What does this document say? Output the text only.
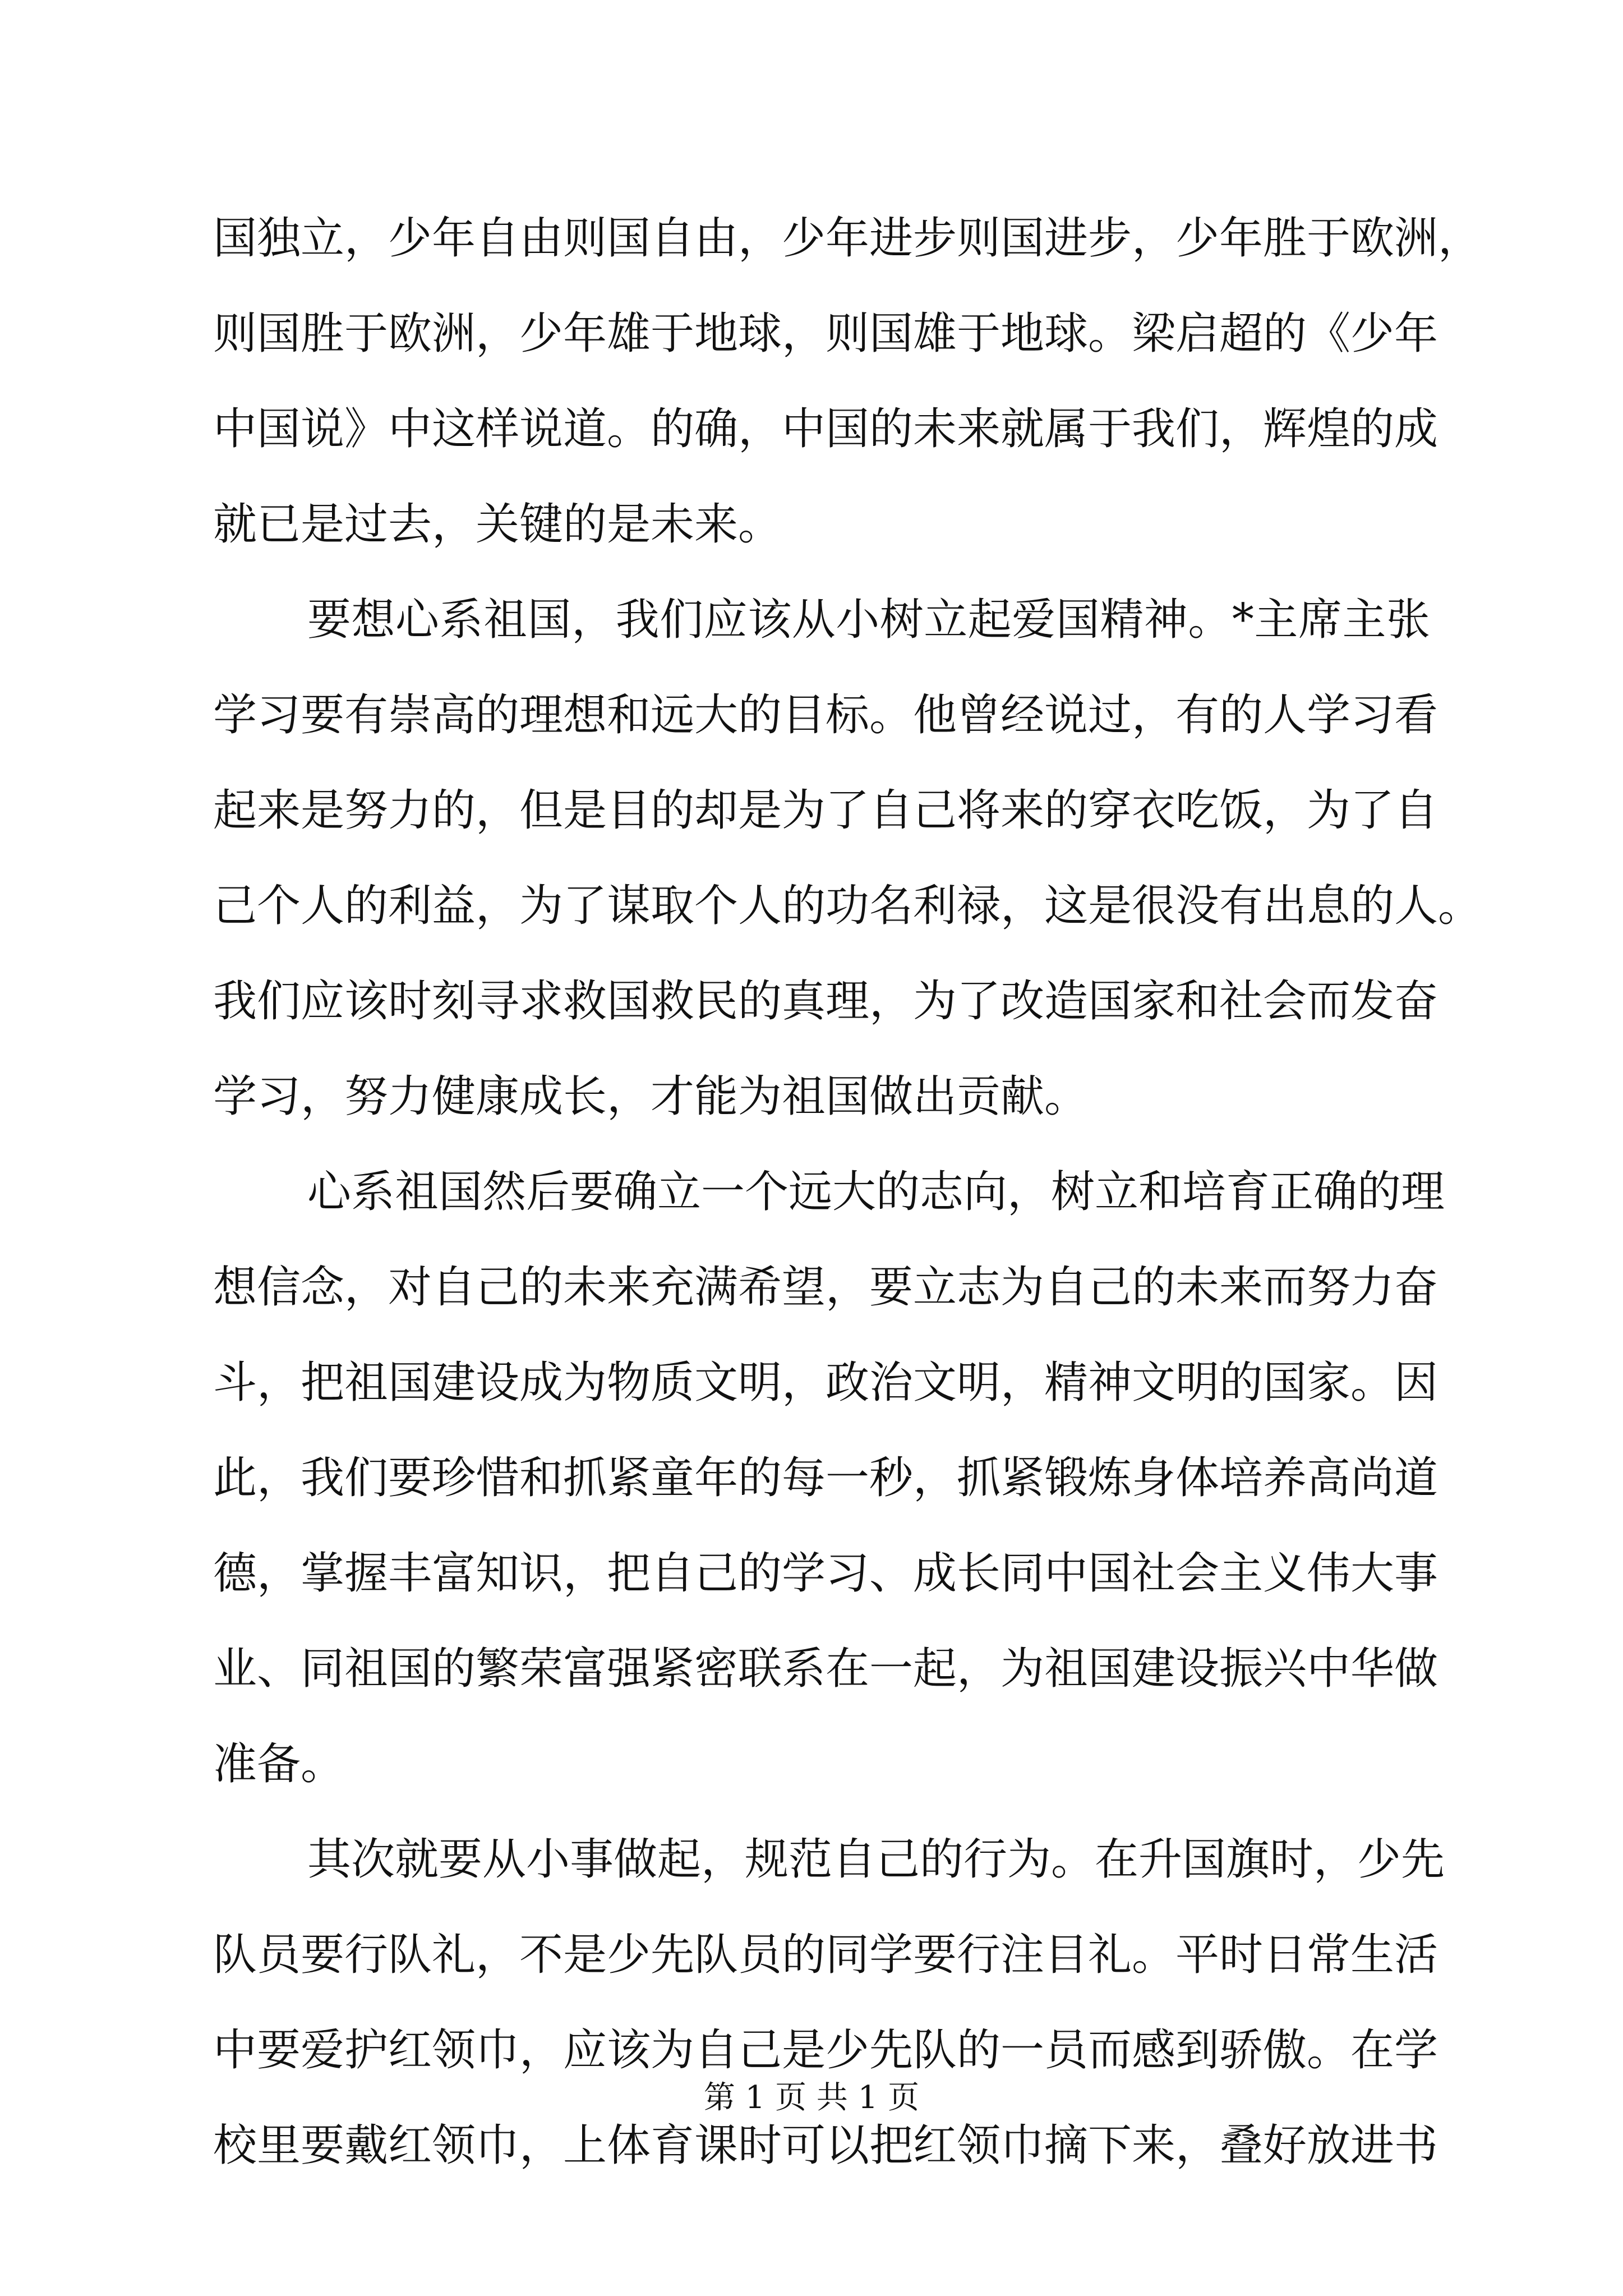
国独立，少年自由则国自由，少年进步则国进步，少年胜于欧洲，
则国胜于欧洲，少年雄于地球，则国雄于地球。梁启超的《少年
中国说》中这样说道。的确，中国的未来就属于我们，辉煌的成
就已是过去，关键的是未来。
要想心系祖国，我们应该从小树立起爱国精神。*主席主张
学习要有崇高的理想和远大的目标。他曾经说过，有的人学习看
起来是努力的，但是目的却是为了自己将来的穿衣吃饭，为了自
己个人的利益，为了谋取个人的功名利禄，这是很没有出息的人。
我们应该时刻寻求救国救民的真理，为了改造国家和社会而发奋
学习，努力健康成长，才能为祖国做出贡献。
心系祖国然后要确立一个远大的志向，树立和培育正确的理
想信念，对自己的未来充满希望，要立志为自己的未来而努力奋
斗，把祖国建设成为物质文明，政治文明，精神文明的国家。因
此，我们要珍惜和抓紧童年的每一秒，抓紧锻炼身体培养高尚道
德，掌握丰富知识，把自己的学习、成长同中国社会主义伟大事
业、同祖国的繁荣富强紧密联系在一起，为祖国建设振兴中华做
准备。
其次就要从小事做起，规范自己的行为。在升国旗时，少先
队员要行队礼，不是少先队员的同学要行注目礼。平时日常生活
中要爱护红领巾，应该为自己是少先队的一员而感到骄傲。在学
校里要戴红领巾，上体育课时可以把红领巾摘下来，叠好放进书
第 1 页 共 1 页
